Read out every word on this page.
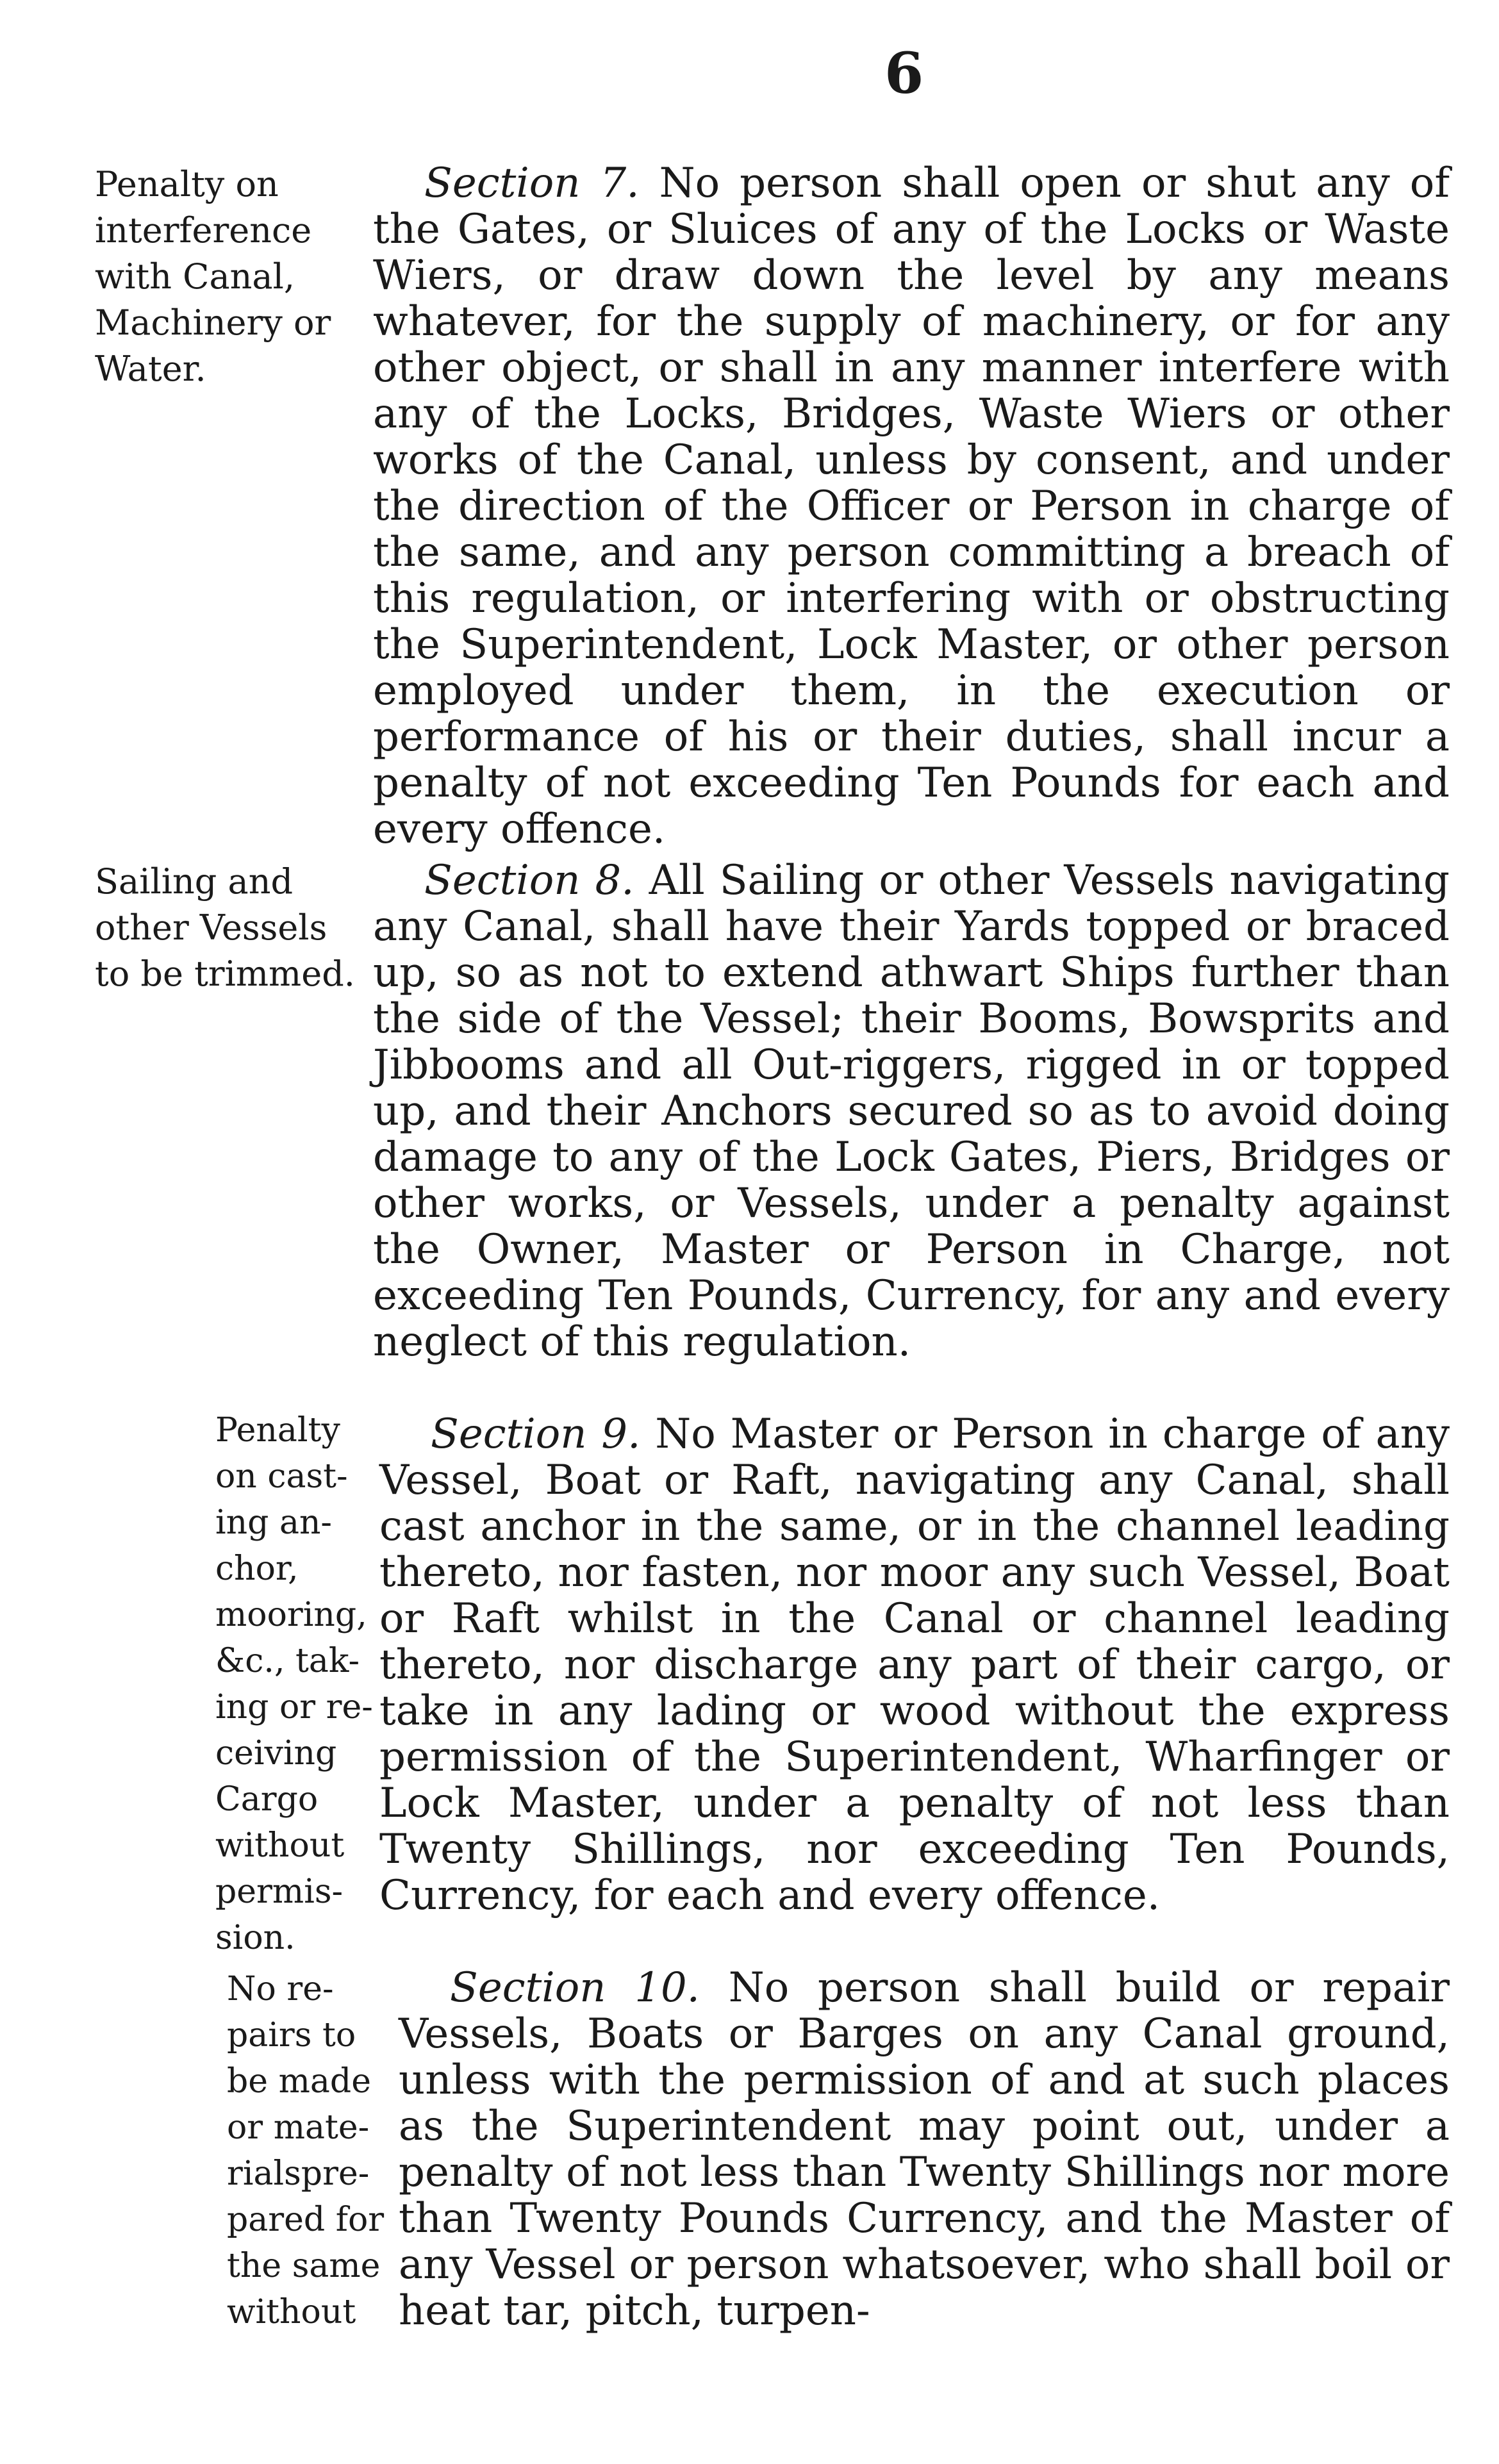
6
Penalty on
interference
with Canal,
Machinery or
Water.
Section 7. No person shall open or shut any of the Gates, or Sluices of any of the Locks or Waste Wiers, or draw down the level by any means whatever, for the supply of machinery, or for any other object, or shall in any manner interfere with any of the Locks, Bridges, Waste Wiers or other works of the Canal, unless by consent, and under the direction of the Officer or Person in charge of the same, and any person committing a breach of this regulation, or interfering with or obstructing the Superintendent, Lock Master, or other person employed under them, in the execution or performance of his or their duties, shall incur a penalty of not exceeding Ten Pounds for each and every offence.
Sailing and
other Vessels
to be trimmed.
Section 8. All Sailing or other Vessels navigating any Canal, shall have their Yards topped or braced up, so as not to extend athwart Ships further than the side of the Vessel; their Booms, Bowsprits and Jibbooms and all Out-riggers, rigged in or topped up, and their Anchors secured so as to avoid doing damage to any of the Lock Gates, Piers, Bridges or other works, or Vessels, under a penalty against the Owner, Master or Person in Charge, not exceeding Ten Pounds, Currency, for any and every neglect of this regulation.
Penalty
on cast-
ing an-
chor,
mooring,
&c., tak-
ing or re-
ceiving
Cargo
without
permis-
sion.
Section 9. No Master or Person in charge of any Vessel, Boat or Raft, navigating any Canal, shall cast anchor in the same, or in the channel leading thereto, nor fasten, nor moor any such Vessel, Boat or Raft whilst in the Canal or channel leading thereto, nor discharge any part of their cargo, or take in any lading or wood without the express permission of the Superintendent, Wharfinger or Lock Master, under a penalty of not less than Twenty Shillings, nor exceeding Ten Pounds, Currency, for each and every offence.
No re-
pairs to
be made
or mate-
rialspre-
pared for
the same
without
Section 10. No person shall build or repair Vessels, Boats or Barges on any Canal ground, unless with the permission of and at such places as the Superintendent may point out, under a penalty of not less than Twenty Shillings nor more than Twenty Pounds Currency, and the Master of any Vessel or person whatsoever, who shall boil or heat tar, pitch, turpen-
